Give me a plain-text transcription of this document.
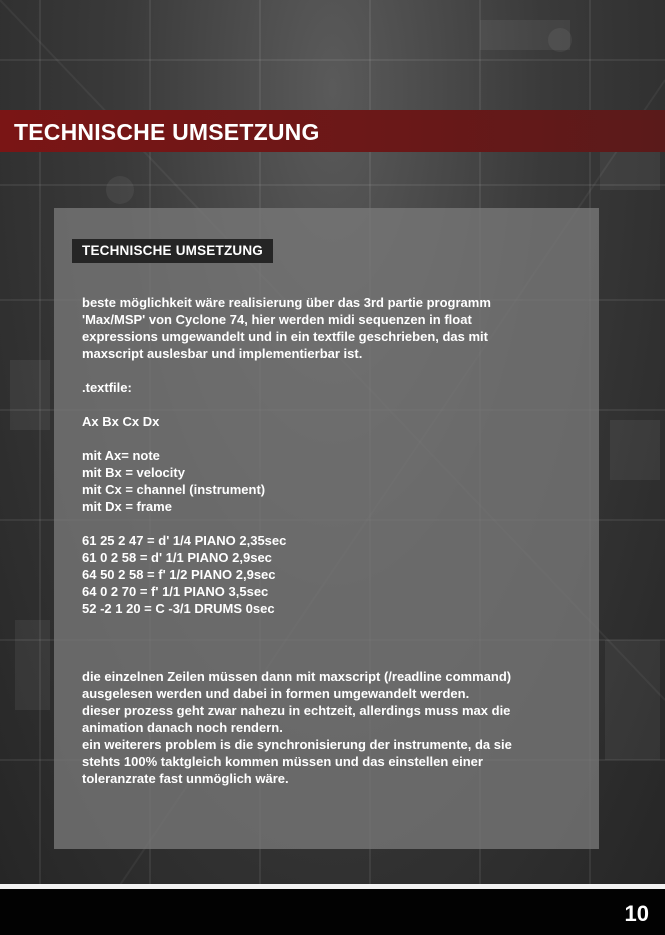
TECHNISCHE UMSETZUNG
TECHNISCHE UMSETZUNG

beste möglichkeit wäre realisierung über das 3rd partie programm
'Max/MSP' von Cyclone 74, hier werden midi sequenzen in float
expressions umgewandelt und in ein textfile geschrieben, das mit
maxscript auslesbar und implementierbar ist.

.textfile:

Ax Bx Cx Dx

mit Ax= note

mit Bx = velocity

mit Cx = channel (instrument)

mit Dx = frame

61 25 2 47 = d' 1/4 PIANO 2,35sec

61 0 2 58 = d' 1/1 PIANO 2,9sec

64 50 2 58 = f' 1/2 PIANO 2,9sec

64 0 2 70 = f' 1/1 PIANO 3,5sec

52 -2 1 20 = C -3/1 DRUMS 0sec

die einzelnen Zeilen müssen dann mit maxscript (/readline command)
ausgelesen werden und dabei in formen umgewandelt werden.
dieser prozess geht zwar nahezu in echtzeit, allerdings muss max die
animation danach noch rendern.
ein weiterers problem is die synchronisierung der instrumente, da sie
stehts 100% taktgleich kommen müssen und das einstellen einer
toleranzrate fast unmöglich wäre.

10
